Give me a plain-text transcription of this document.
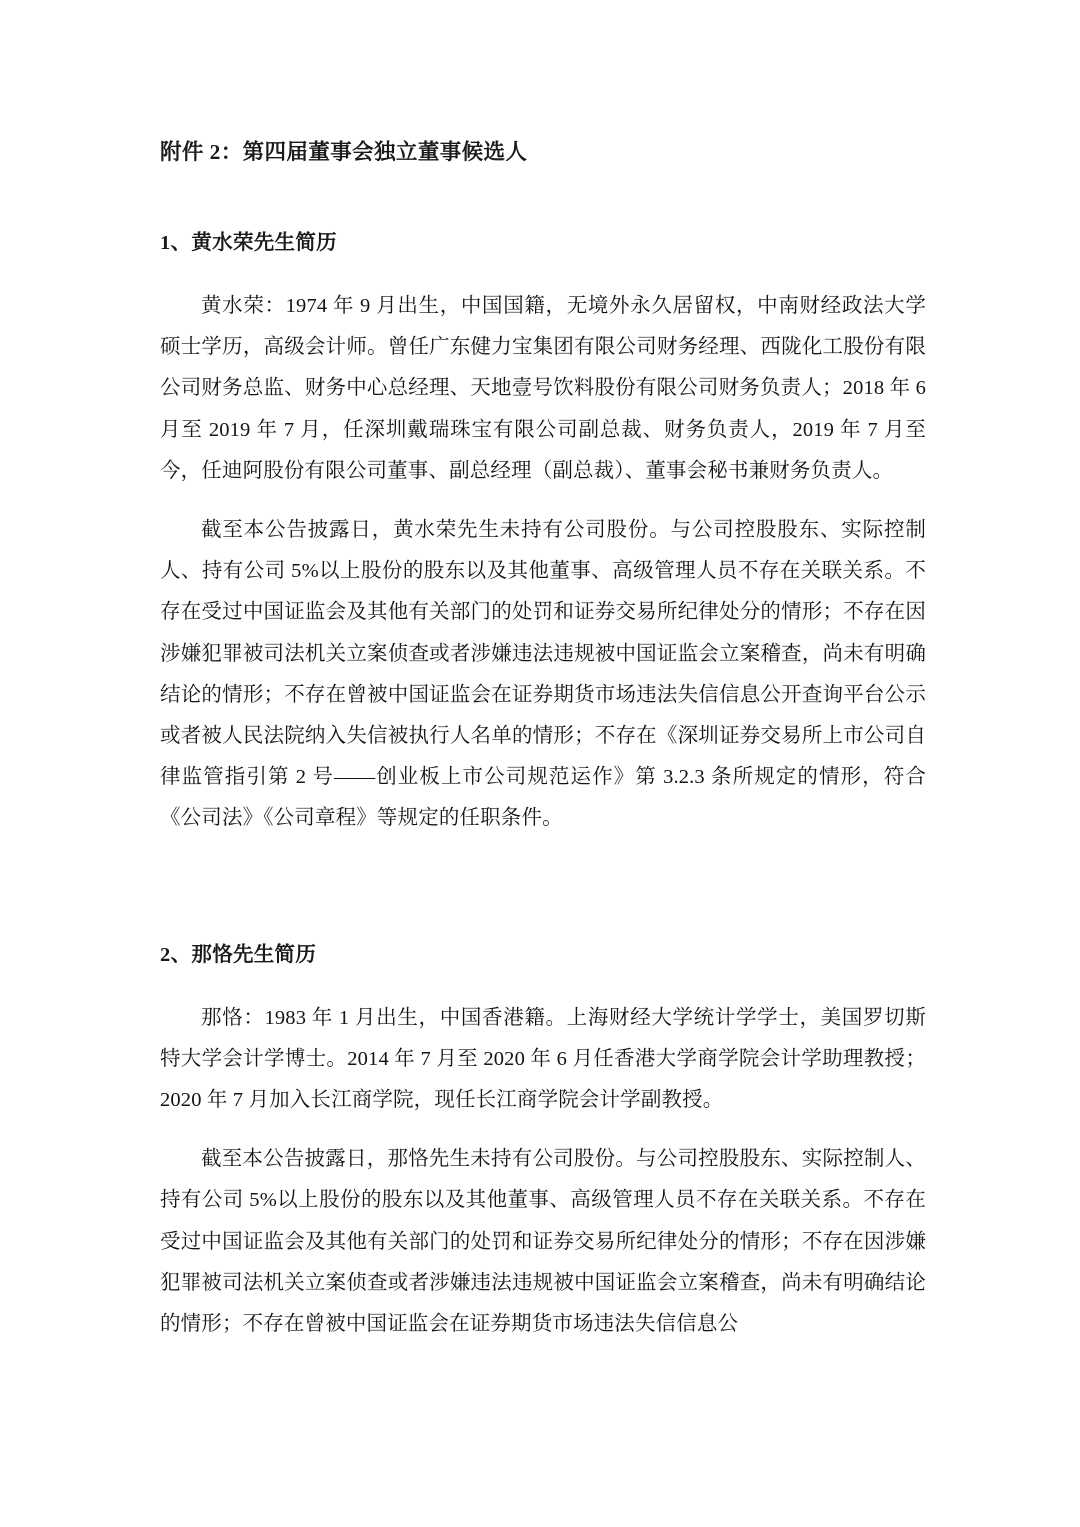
附件 2：第四届董事会独立董事候选人
1、黄水荣先生简历

黄水荣：1974 年 9 月出生，中国国籍，无境外永久居留权，中南财经政法大学硕士学历，高级会计师。曾任广东健力宝集团有限公司财务经理、西陇化工股份有限公司财务总监、财务中心总经理、天地壹号饮料股份有限公司财务负责人；2018 年 6 月至 2019 年 7 月，任深圳戴瑞珠宝有限公司副总裁、财务负责人，2019 年 7 月至今，任迪阿股份有限公司董事、副总经理（副总裁）、董事会秘书兼财务负责人。

截至本公告披露日，黄水荣先生未持有公司股份。与公司控股股东、实际控制人、持有公司 5%以上股份的股东以及其他董事、高级管理人员不存在关联关系。不存在受过中国证监会及其他有关部门的处罚和证券交易所纪律处分的情形；不存在因涉嫌犯罪被司法机关立案侦查或者涉嫌违法违规被中国证监会立案稽查，尚未有明确结论的情形；不存在曾被中国证监会在证券期货市场违法失信信息公开查询平台公示或者被人民法院纳入失信被执行人名单的情形；不存在《深圳证券交易所上市公司自律监管指引第 2 号——创业板上市公司规范运作》第 3.2.3 条所规定的情形，符合《公司法》《公司章程》等规定的任职条件。

2、那恪先生简历

那恪：1983 年 1 月出生，中国香港籍。上海财经大学统计学学士，美国罗切斯特大学会计学博士。2014 年 7 月至 2020 年 6 月任香港大学商学院会计学助理教授；2020 年 7 月加入长江商学院，现任长江商学院会计学副教授。

截至本公告披露日，那恪先生未持有公司股份。与公司控股股东、实际控制人、持有公司 5%以上股份的股东以及其他董事、高级管理人员不存在关联关系。不存在受过中国证监会及其他有关部门的处罚和证券交易所纪律处分的情形；不存在因涉嫌犯罪被司法机关立案侦查或者涉嫌违法违规被中国证监会立案稽查，尚未有明确结论的情形；不存在曾被中国证监会在证券期货市场违法失信信息公
